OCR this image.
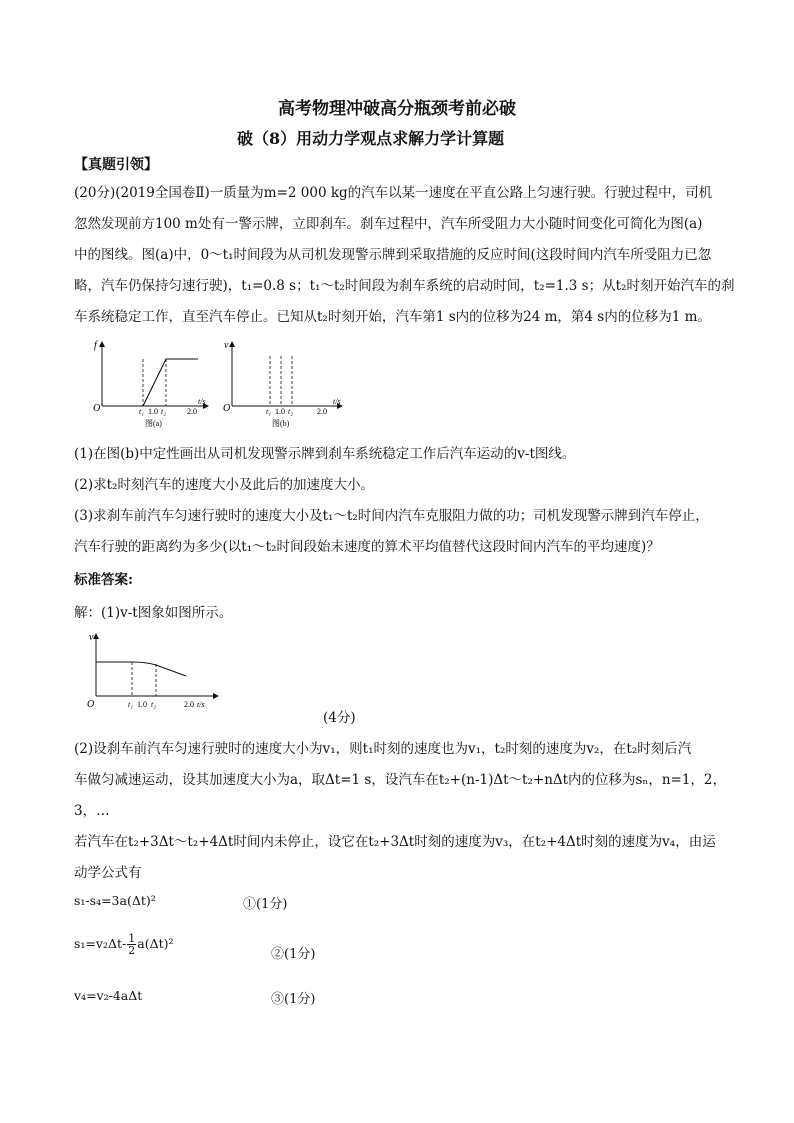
高考物理冲破高分瓶颈考前必破
破（8）用动力学观点求解力学计算题
【真题引领】
(20分)(2019全国卷Ⅱ)一质量为m=2 000 kg的汽车以某一速度在平直公路上匀速行驶。行驶过程中，司机
忽然发现前方100 m处有一警示牌，立即刹车。刹车过程中，汽车所受阻力大小随时间变化可简化为图(a)
中的图线。图(a)中，0～t₁时间段为从司机发现警示牌到采取措施的反应时间(这段时间内汽车所受阻力已忽
略，汽车仍保持匀速行驶)，t₁=0.8 s；t₁～t₂时间段为刹车系统的启动时间，t₂=1.3 s；从t₂时刻开始汽车的刹
车系统稳定工作，直至汽车停止。已知从t₂时刻开始，汽车第1 s内的位移为24 m，第4 s内的位移为1 m。
f
O	t₁ 1.0 t₂	2.0
t/s
图(a)
v
O	t₁ 1.0 t₂	2.0
t/s
图(b)
(1)在图(b)中定性画出从司机发现警示牌到刹车系统稳定工作后汽车运动的v-t图线。
(2)求t₂时刻汽车的速度大小及此后的加速度大小。
(3)求刹车前汽车匀速行驶时的速度大小及t₁～t₂时间内汽车克服阻力做的功；司机发现警示牌到汽车停止，
汽车行驶的距离约为多少(以t₁～t₂时间段始末速度的算术平均值替代这段时间内汽车的平均速度)？
标准答案:
解：(1)v-t图象如图所示。
v
O	t₁ 1.0 t₂	2.0 t/s
(4分)
(2)设刹车前汽车匀速行驶时的速度大小为v₁，则t₁时刻的速度也为v₁，t₂时刻的速度为v₂，在t₂时刻后汽
车做匀减速运动，设其加速度大小为a，取Δt=1 s，设汽车在t₂+(n-1)Δt～t₂+nΔt内的位移为sₙ，n=1，2，
3，…
若汽车在t₂+3Δt～t₂+4Δt时间内未停止，设它在t₂+3Δt时刻的速度为v₃，在t₂+4Δt时刻的速度为v₄，由运
动学公式有
s₁-s₄=3a(Δt)²	①(1分)
$s_1=v_2\Delta t- \frac{1}{2} a(\Delta t)^2$
②(1分)
v₄=v₂-4aΔt	③(1分)
